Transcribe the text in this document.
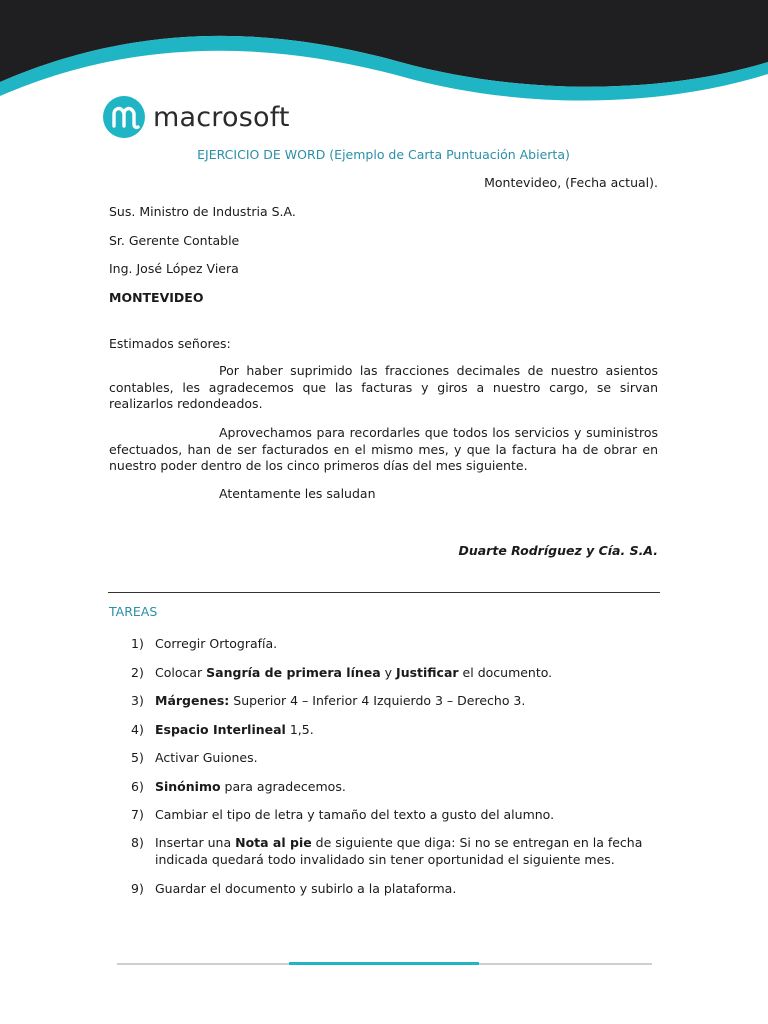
macrosoft
EJERCICIO DE WORD (Ejemplo de Carta Puntuación Abierta)
Montevideo, (Fecha actual).
Sus. Ministro de Industria S.A.
Sr. Gerente Contable
Ing. José López Viera
MONTEVIDEO
Estimados señores:
Por haber suprimido las fracciones decimales de nuestro asientos contables, les agradecemos que las facturas y giros a nuestro cargo, se sirvan realizarlos redondeados.
Aprovechamos para recordarles que todos los servicios y suministros efectuados, han de ser facturados en el mismo mes, y que la factura ha de obrar en nuestro poder dentro de los cinco primeros días del mes siguiente.
Atentamente les saludan
Duarte Rodríguez y Cía. S.A.
TAREAS
1) Corregir Ortografía.
2) Colocar Sangría de primera línea y Justificar el documento.
3) Márgenes: Superior 4 – Inferior 4 Izquierdo 3 – Derecho 3.
4) Espacio Interlineal 1,5.
5) Activar Guiones.
6) Sinónimo para agradecemos.
7) Cambiar el tipo de letra y tamaño del texto a gusto del alumno.
8) Insertar una Nota al pie de siguiente que diga: Si no se entregan en la fecha indicada quedará todo invalidado sin tener oportunidad el siguiente mes.
9) Guardar el documento y subirlo a la plataforma.
